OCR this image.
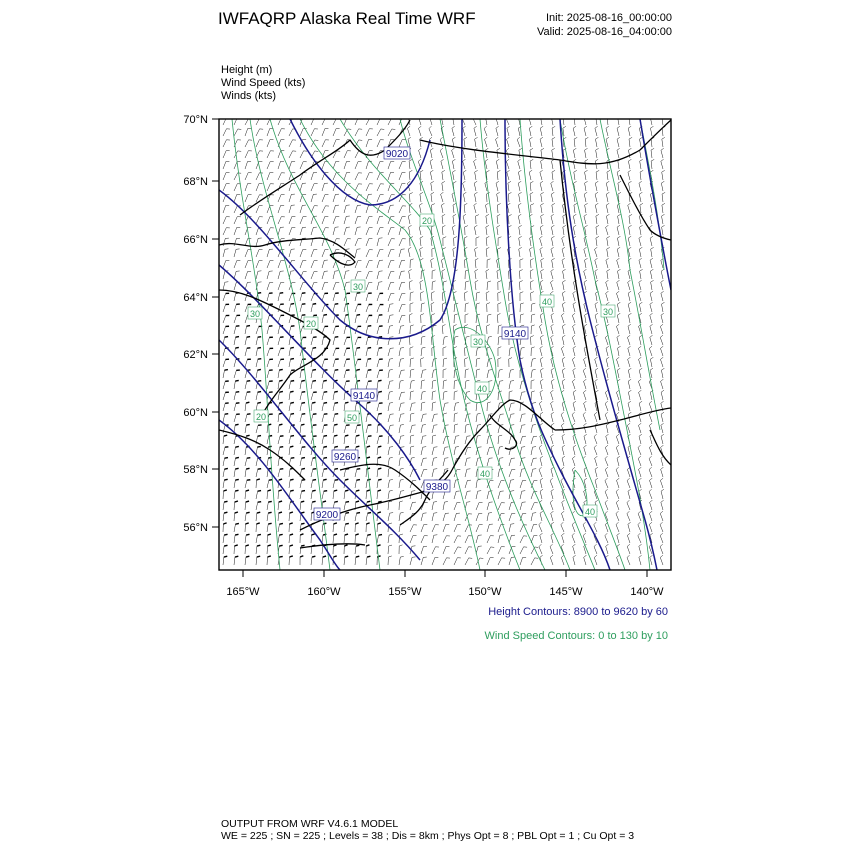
IWFAQRP Alaska Real Time WRF	Init: 2025-08-16_00:00:00
Valid: 2025-08-16_04:00:00
Height (m)
Wind Speed (kts)
Winds (kts)
56°N
58°N
60°N
62°N
64°N
66°N
68°N
70°N
165°W	160°W	155°W	150°W	145°W	140°W
9020
9140
9140
9260
9380
9200
20
30
40
30
20
30
30
40
50
20
40
40
Height Contours: 8900 to 9620 by 60
Wind Speed Contours: 0 to 130 by 10
OUTPUT FROM WRF V4.6.1 MODEL
WE = 225 ; SN = 225 ; Levels = 38 ; Dis = 8km ; Phys Opt = 8 ; PBL Opt = 1 ; Cu Opt = 3
